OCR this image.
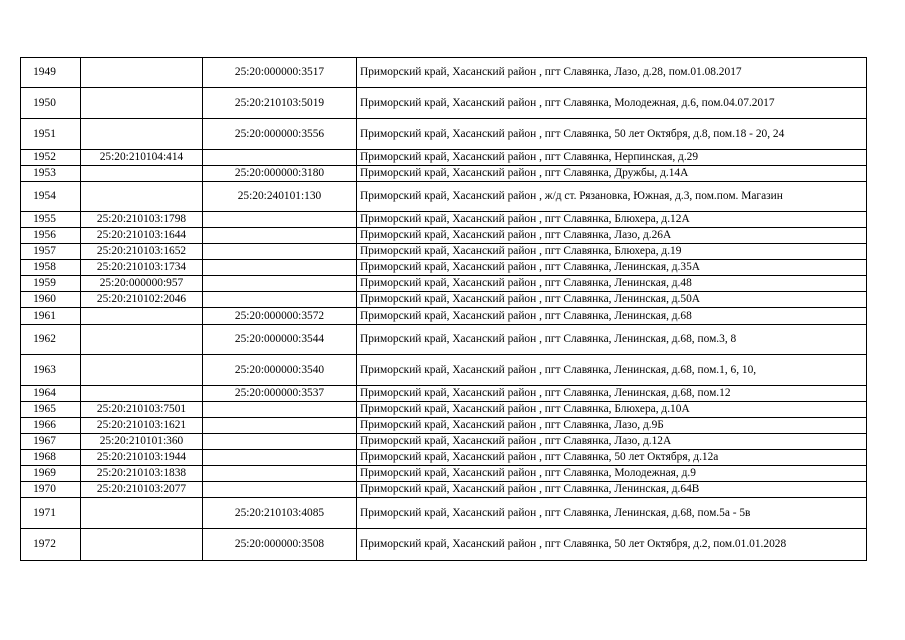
1949		25:20:000000:3517	Приморский край, Хасанский район , пгт Славянка, Лазо, д.28, пом.01.08.2017
1950		25:20:210103:5019	Приморский край, Хасанский район , пгт Славянка, Молодежная, д.6, пом.04.07.2017
1951		25:20:000000:3556	Приморский край, Хасанский район , пгт Славянка, 50 лет Октября, д.8, пом.18 - 20, 24
1952	25:20:210104:414		Приморский край, Хасанский район , пгт Славянка, Нерпинская, д.29
1953		25:20:000000:3180	Приморский край, Хасанский район , пгт Славянка, Дружбы, д.14А
1954		25:20:240101:130	Приморский край, Хасанский район , ж/д ст. Рязановка, Южная, д.3, пом.пом. Магазин
1955	25:20:210103:1798		Приморский край, Хасанский район , пгт Славянка, Блюхера, д.12А
1956	25:20:210103:1644		Приморский край, Хасанский район , пгт Славянка, Лазо, д.26А
1957	25:20:210103:1652		Приморский край, Хасанский район , пгт Славянка, Блюхера, д.19
1958	25:20:210103:1734		Приморский край, Хасанский район , пгт Славянка, Ленинская, д.35А
1959	25:20:000000:957		Приморский край, Хасанский район , пгт Славянка, Ленинская, д.48
1960	25:20:210102:2046		Приморский край, Хасанский район , пгт Славянка, Ленинская, д.50А
1961		25:20:000000:3572	Приморский край, Хасанский район , пгт Славянка, Ленинская, д.68
1962		25:20:000000:3544	Приморский край, Хасанский район , пгт Славянка, Ленинская, д.68, пом.3, 8
1963		25:20:000000:3540	Приморский край, Хасанский район , пгт Славянка, Ленинская, д.68, пом.1, 6, 10,
1964		25:20:000000:3537	Приморский край, Хасанский район , пгт Славянка, Ленинская, д.68, пом.12
1965	25:20:210103:7501		Приморский край, Хасанский район , пгт Славянка, Блюхера, д.10А
1966	25:20:210103:1621		Приморский край, Хасанский район , пгт Славянка, Лазо, д.9Б
1967	25:20:210101:360		Приморский край, Хасанский район , пгт Славянка, Лазо, д.12А
1968	25:20:210103:1944		Приморский край, Хасанский район , пгт Славянка, 50 лет Октября, д.12а
1969	25:20:210103:1838		Приморский край, Хасанский район , пгт Славянка, Молодежная, д.9
1970	25:20:210103:2077		Приморский край, Хасанский район , пгт Славянка, Ленинская, д.64В
1971		25:20:210103:4085	Приморский край, Хасанский район , пгт Славянка, Ленинская, д.68, пом.5а - 5в
1972		25:20:000000:3508	Приморский край, Хасанский район , пгт Славянка, 50 лет Октября, д.2, пом.01.01.2028
